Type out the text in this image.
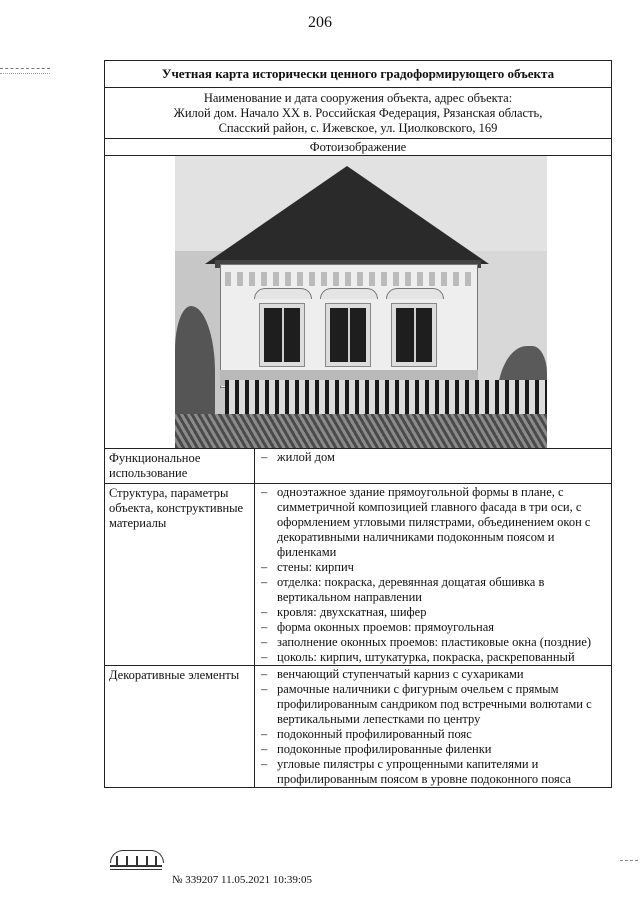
206
Учетная карта исторически ценного градоформирующего объекта
Наименование и дата сооружения объекта, адрес объекта:
Жилой дом. Начало XX в. Российская Федерация, Рязанская область,
Спасский район, с. Ижевское, ул. Циолковского, 169
Фотоизображение
Функциональное использование
– жилой дом
Структура, параметры объекта, конструктивные материалы
– одноэтажное здание прямоугольной формы в плане, с симметричной композицией главного фасада в три оси, с оформлением угловыми пилястрами, объединением окон с декоративными наличниками подоконным поясом и филенками
– стены: кирпич
– отделка: покраска, деревянная дощатая обшивка в вертикальном направлении
– кровля: двухскатная, шифер
– форма оконных проемов: прямоугольная
– заполнение оконных проемов: пластиковые окна (поздние)
– цоколь: кирпич, штукатурка, покраска, раскрепованный
Декоративные элементы	– венчающий ступенчатый карниз с сухариками
– рамочные наличники с фигурным очельем с прямым профилированным сандриком под встречными волютами с вертикальными лепестками по центру
– подоконный профилированный пояс
– подоконные профилированные филенки
– угловые пилястры с упрощенными капителями и профилированным поясом в уровне подоконного пояса
№ 339207 11.05.2021 10:39:05
